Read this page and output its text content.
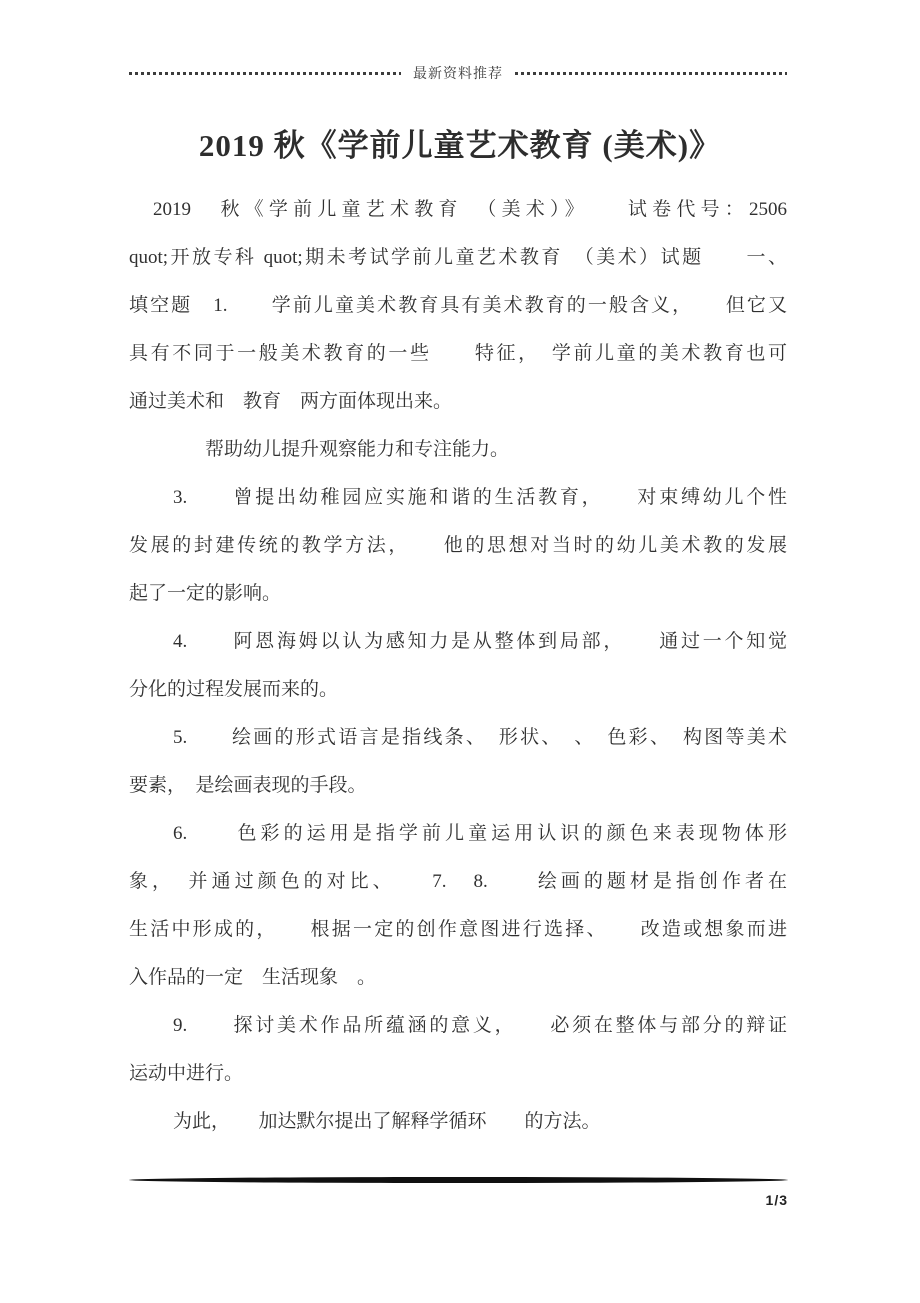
最新资料推荐
2019 秋《学前儿童艺术教育 (美术)》
2019　秋《学前儿童艺术教育　（美术）》　　试卷代号：2506
quot;开放专科 quot;期未考试学前儿童艺术教育　（美术）试题　　一、
填空题　1.　　学前儿童美术教育具有美术教育的一般含义，　　但它又
具有不同于一般美术教育的一些　　特征，　学前儿童的美术教育也可
通过美术和　教育　两方面体现出来。
帮助幼儿提升观察能力和专注能力。
3.　　曾提出幼稚园应实施和谐的生活教育，　　对束缚幼儿个性
发展的封建传统的教学方法，　　他的思想对当时的幼儿美术教的发展
起了一定的影响。
4.　　阿恩海姆以认为感知力是从整体到局部，　　通过一个知觉
分化的过程发展而来的。
5.　　绘画的形式语言是指线条、　形状、　、　色彩、　构图等美术
要素，　是绘画表现的手段。
6.　　色彩的运用是指学前儿童运用认识的颜色来表现物体形
象，　并通过颜色的对比、　　7.　8.　　绘画的题材是指创作者在
生活中形成的，　　根据一定的创作意图进行选择、　　改造或想象而进
入作品的一定　生活现象　。
9.　　探讨美术作品所蕴涵的意义，　　必须在整体与部分的辩证
运动中进行。
为此，　　加达默尔提出了解释学循环　　的方法。
1/3
